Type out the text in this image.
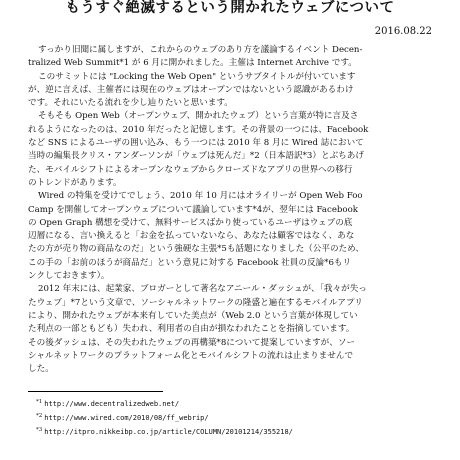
もうすぐ絶滅するという開かれたウェブについて
2016.08.22
すっかり旧聞に属しますが、これからのウェブのあり方を議論するイベント Decen-
tralized Web Summit*1 が 6 月に開かれました。主催は Internet Archive です。
このサミットには "Locking the Web Open" というサブタイトルが付いています
が、逆に言えば、主催者には現在のウェブはオープンではないという認識があるわけ
です。それにいたる流れを少し辿りたいと思います。
そもそも Open Web（オープンウェブ、開かれたウェブ）という言葉が特に言及さ
れるようになったのは、2010 年だったと記憶します。その背景の一つには、Facebook
など SNS によるユーザの囲い込み、もう一つには 2010 年 8 月に Wired 誌において
当時の編集長クリス・アンダーソンが「ウェブは死んだ」*2（日本語訳*3）とぶちあげ
た、モバイルシフトによるオープンなウェブからクローズドなアプリの世界への移行
のトレンドがあります。
Wired の特集を受けてでしょう、2010 年 10 月にはオライリーが Open Web Foo
Camp を開催してオープンウェブについて議論しています*4が、翌年には Facebook
の Open Graph 構想を受けて、無料サービスばかり使っているユーザはウェブの底
辺層になる、言い換えると「お金を払っていないなら、あなたは顧客ではなく、あな
たの方が売り物の商品なのだ」という強硬な主張*5も話題になりました（公平のため、
この手の「お前のほうが商品だ」という意見に対する Facebook 社員の反論*6もリ
ンクしておきます）。
2012 年末には、起業家、ブロガーとして著名なアニール・ダッシュが、「我々が失っ
たウェブ」*7という文章で、ソーシャルネットワークの隆盛と遍在するモバイルアプリ
により、開かれたウェブが本来有していた美点が（Web 2.0 という言葉が体現してい
た利点の一部ともども）失われ、利用者の自由が損なわれたことを指摘しています。
その後ダッシュは、その失われたウェブの再構築*8について提案していますが、ソー
シャルネットワークのプラットフォーム化とモバイルシフトの流れは止まりませんで
した。
$^{*1}$ http://www.decentralizedweb.net/
$^{*2}$ http://www.wired.com/2010/08/ff_webrip/
$^{*3}$ http://itpro.nikkeibp.co.jp/article/COLUMN/20101214/355218/
